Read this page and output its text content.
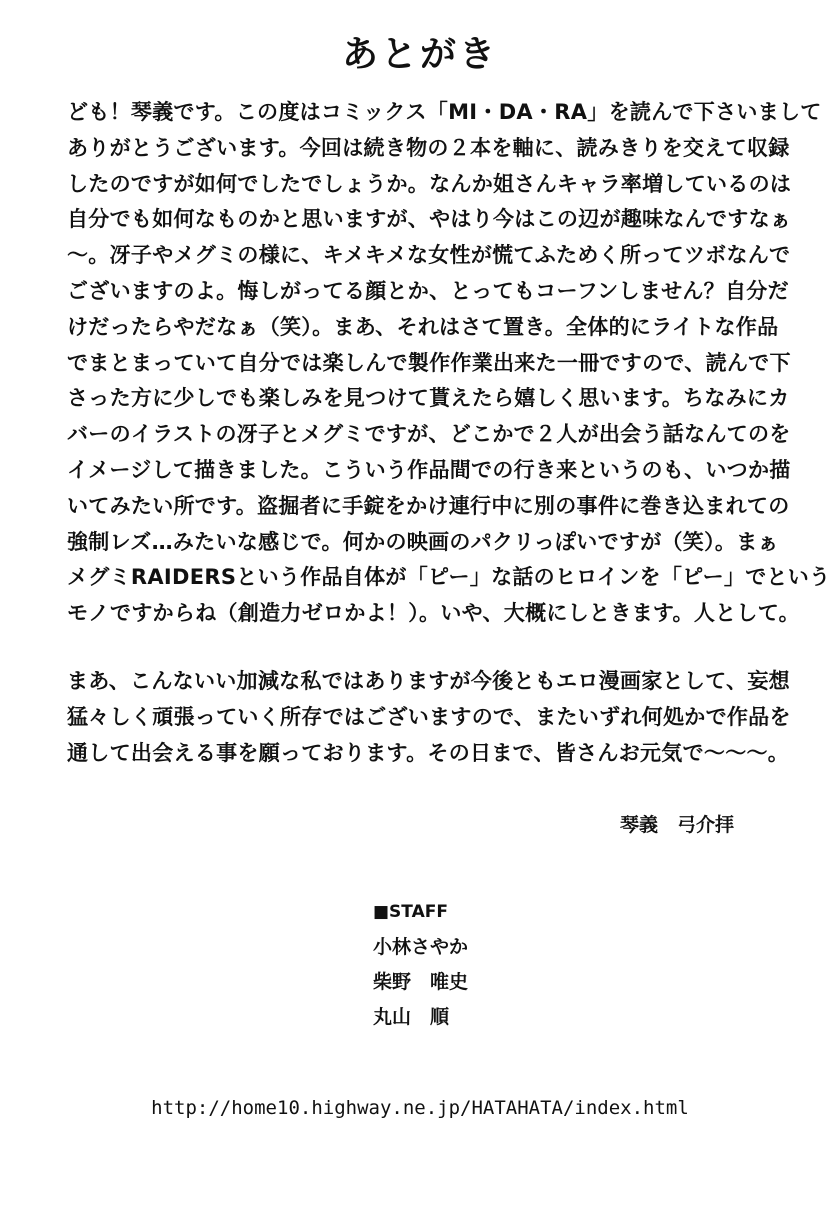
あとがき
ども！琴義です。この度はコミックス「MI・DA・RA」を読んで下さいまして
ありがとうございます。今回は続き物の２本を軸に、読みきりを交えて収録
したのですが如何でしたでしょうか。なんか姐さんキャラ率増しているのは
自分でも如何なものかと思いますが、やはり今はこの辺が趣味なんですなぁ
～。冴子やメグミの様に、キメキメな女性が慌てふためく所ってツボなんで
ございますのよ。悔しがってる顔とか、とってもコーフンしません？自分だ
けだったらやだなぁ（笑）。まあ、それはさて置き。全体的にライトな作品
でまとまっていて自分では楽しんで製作作業出来た一冊ですので、読んで下
さった方に少しでも楽しみを見つけて貰えたら嬉しく思います。ちなみにカ
バーのイラストの冴子とメグミですが、どこかで２人が出会う話なんてのを
イメージして描きました。こういう作品間での行き来というのも、いつか描
いてみたい所です。盗掘者に手錠をかけ連行中に別の事件に巻き込まれての
強制レズ…みたいな感じで。何かの映画のパクリっぽいですが（笑）。まぁ
メグミRAIDERSという作品自体が「ピー」な話のヒロインを「ピー」でという
モノですからね（創造力ゼロかよ！）。いや、大概にしときます。人として。
まあ、こんないい加減な私ではありますが今後ともエロ漫画家として、妄想
猛々しく頑張っていく所存ではございますので、またいずれ何処かで作品を
通して出会える事を願っております。その日まで、皆さんお元気で～～～。
琴義　弓介拝
■STAFF
小林さやか
柴野　唯史
丸山　順
http://home10.highway.ne.jp/HATAHATA/index.html
